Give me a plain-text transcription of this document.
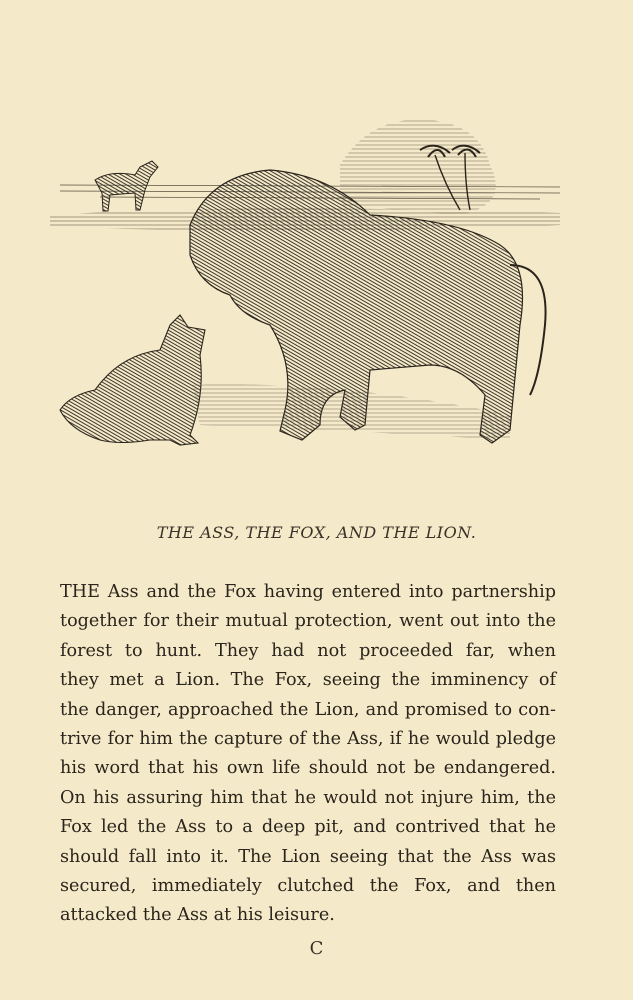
THE ASS, THE FOX, AND THE LION.
THE Ass and the Fox having entered into partnership
together for their mutual protection, went out into the
forest to hunt. They had not proceeded far, when
they met a Lion. The Fox, seeing the imminency of
the danger, approached the Lion, and promised to con-
trive for him the capture of the Ass, if he would pledge
his word that his own life should not be endangered.
On his assuring him that he would not injure him, the
Fox led the Ass to a deep pit, and contrived that he
should fall into it. The Lion seeing that the Ass was
secured, immediately clutched the Fox, and then
attacked the Ass at his leisure.
C
